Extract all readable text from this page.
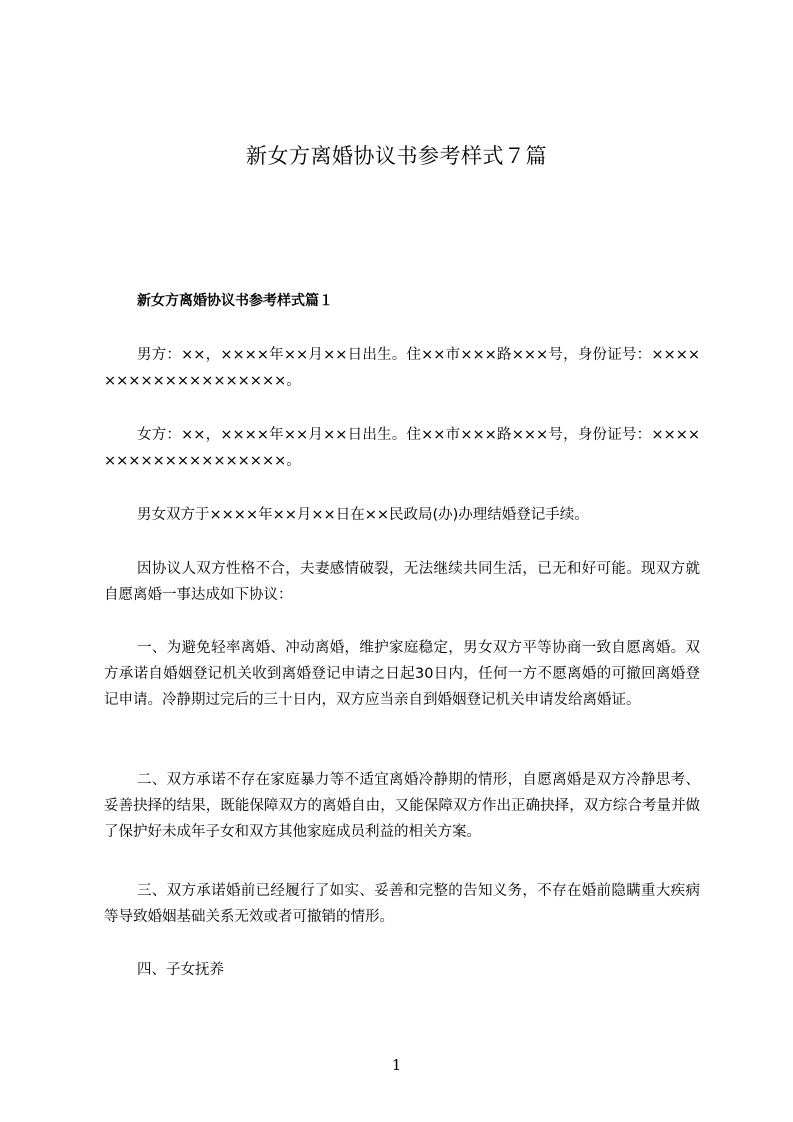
新女方离婚协议书参考样式７篇
新女方离婚协议书参考样式篇１

男方：××，××××年××月××日出生。住××市×××路×××号，身份证号：×××××××××××××××××××。

女方：××，××××年××月××日出生。住××市×××路×××号，身份证号：×××××××××××××××××××。

男女双方于××××年××月××日在××民政局(办)办理结婚登记手续。

因协议人双方性格不合，夫妻感情破裂，无法继续共同生活，已无和好可能。现双方就自愿离婚一事达成如下协议：

一、为避免轻率离婚、冲动离婚，维护家庭稳定，男女双方平等协商一致自愿离婚。双方承诺自婚姻登记机关收到离婚登记申请之日起30日内，任何一方不愿离婚的可撤回离婚登记申请。冷静期过完后的三十日内，双方应当亲自到婚姻登记机关申请发给离婚证。

二、双方承诺不存在家庭暴力等不适宜离婚冷静期的情形，自愿离婚是双方冷静思考、妥善抉择的结果，既能保障双方的离婚自由，又能保障双方作出正确抉择，双方综合考量并做了保护好未成年子女和双方其他家庭成员利益的相关方案。

三、双方承诺婚前已经履行了如实、妥善和完整的告知义务，不存在婚前隐瞒重大疾病等导致婚姻基础关系无效或者可撤销的情形。

四、子女抚养

1
